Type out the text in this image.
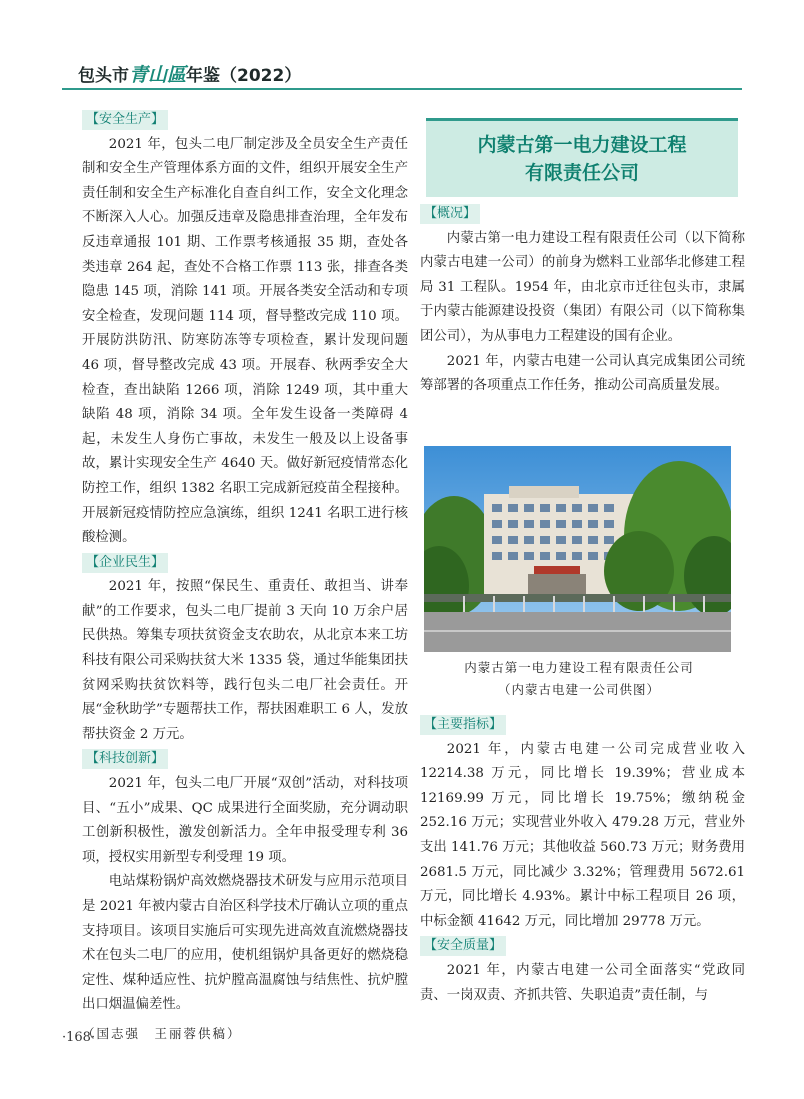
包头市青山區年鉴（2022）
【安全生产】

2021 年，包头二电厂制定涉及全员安全生产责任制和安全生产管理体系方面的文件，组织开展安全生产责任制和安全生产标准化自查自纠工作，安全文化理念不断深入人心。加强反违章及隐患排查治理，全年发布反违章通报 101 期、工作票考核通报 35 期，查处各类违章 264 起，查处不合格工作票 113 张，排查各类隐患 145 项，消除 141 项。开展各类安全活动和专项安全检查，发现问题 114 项，督导整改完成 110 项。开展防洪防汛、防寒防冻等专项检查，累计发现问题 46 项，督导整改完成 43 项。开展春、秋两季安全大检查，查出缺陷 1266 项，消除 1249 项，其中重大缺陷 48 项，消除 34 项。全年发生设备一类障碍 4 起，未发生人身伤亡事故，未发生一般及以上设备事故，累计实现安全生产 4640 天。做好新冠疫情常态化防控工作，组织 1382 名职工完成新冠疫苗全程接种。开展新冠疫情防控应急演练，组织 1241 名职工进行核酸检测。

【企业民生】

2021 年，按照“保民生、重责任、敢担当、讲奉献”的工作要求，包头二电厂提前 3 天向 10 万余户居民供热。筹集专项扶贫资金支农助农，从北京本来工坊科技有限公司采购扶贫大米 1335 袋，通过华能集团扶贫网采购扶贫饮料等，践行包头二电厂社会责任。开展“金秋助学”专题帮扶工作，帮扶困难职工 6 人，发放帮扶资金 2 万元。

【科技创新】

2021 年，包头二电厂开展“双创”活动，对科技项目、“五小”成果、QC 成果进行全面奖励，充分调动职工创新积极性，激发创新活力。全年申报受理专利 36 项，授权实用新型专利受理 19 项。

电站煤粉锅炉高效燃烧器技术研发与应用示范项目是 2021 年被内蒙古自治区科学技术厅确认立项的重点支持项目。该项目实施后可实现先进高效直流燃烧器技术在包头二电厂的应用，使机组锅炉具备更好的燃烧稳定性、煤种适应性、抗炉膛高温腐蚀与结焦性、抗炉膛出口烟温偏差性。

（国志强　王丽蓉供稿）

内蒙古第一电力建设工程
有限责任公司
【概况】

内蒙古第一电力建设工程有限责任公司（以下简称内蒙古电建一公司）的前身为燃料工业部华北修建工程局 31 工程队。1954 年，由北京市迁往包头市，隶属于内蒙古能源建设投资（集团）有限公司（以下简称集团公司），为从事电力工程建设的国有企业。

2021 年，内蒙古电建一公司认真完成集团公司统筹部署的各项重点工作任务，推动公司高质量发展。

内蒙古第一电力建设工程有限责任公司
（内蒙古电建一公司供图）
【主要指标】

2021 年，内蒙古电建一公司完成营业收入 12214.38 万元，同比增长 19.39%；营业成本 12169.99 万元，同比增长 19.75%；缴纳税金 252.16 万元；实现营业外收入 479.28 万元，营业外支出 141.76 万元；其他收益 560.73 万元；财务费用 2681.5 万元，同比减少 3.32%；管理费用 5672.61 万元，同比增长 4.93%。累计中标工程项目 26 项，中标金额 41642 万元，同比增加 29778 万元。

【安全质量】

2021 年，内蒙古电建一公司全面落实“党政同责、一岗双责、齐抓共管、失职追责”责任制，与

·168·
